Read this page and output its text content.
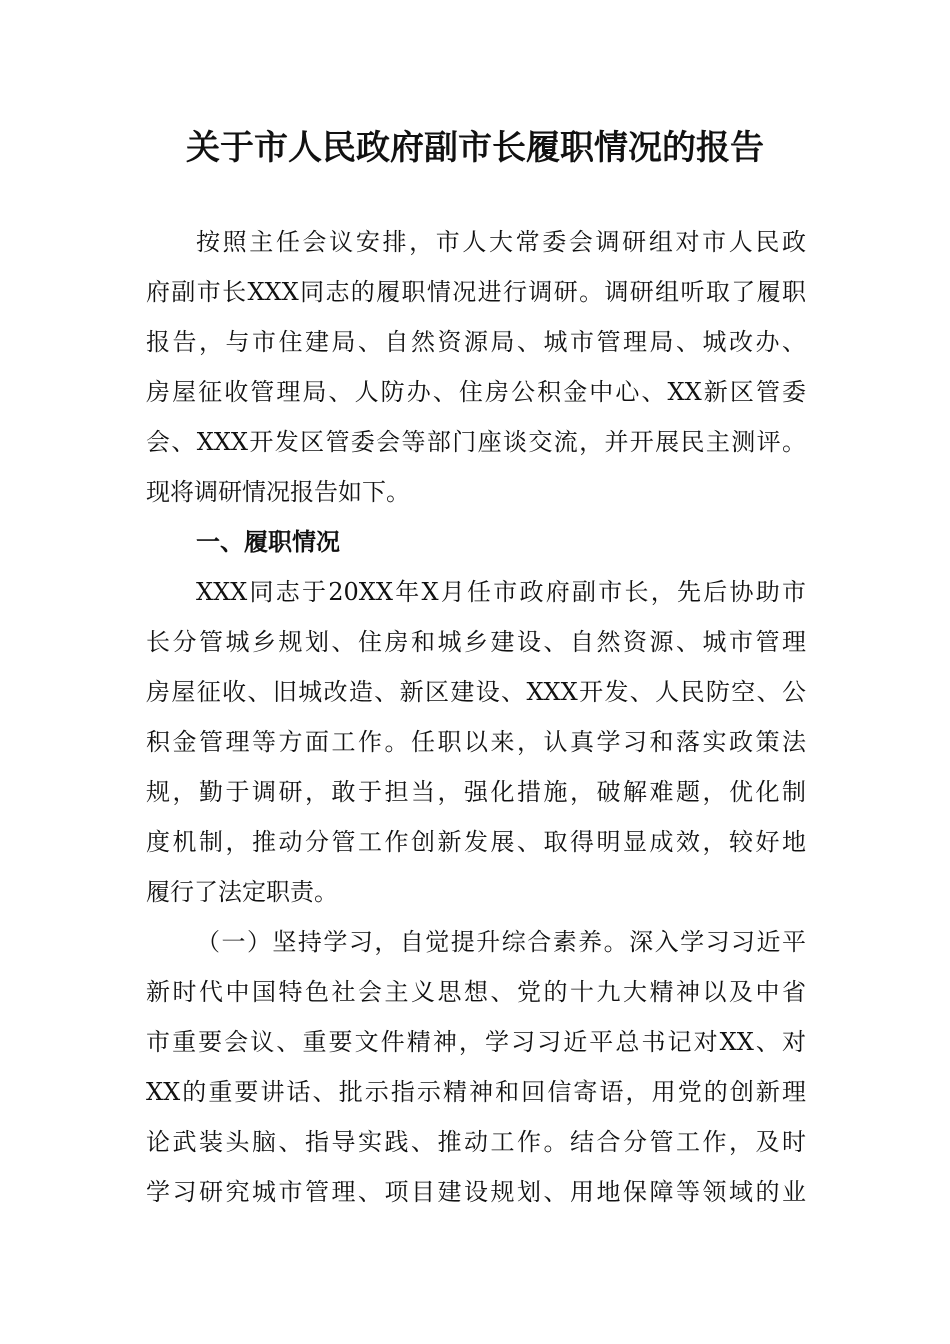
关于市人民政府副市长履职情况的报告
按照主任会议安排，市人大常委会调研组对市人民政
府副市长XXX同志的履职情况进行调研。调研组听取了履职
报告，与市住建局、自然资源局、城市管理局、城改办、
房屋征收管理局、人防办、住房公积金中心、XX新区管委
会、XXX开发区管委会等部门座谈交流，并开展民主测评。
现将调研情况报告如下。
一、履职情况
XXX同志于20XX年X月任市政府副市长，先后协助市
长分管城乡规划、住房和城乡建设、自然资源、城市管理
房屋征收、旧城改造、新区建设、XXX开发、人民防空、公
积金管理等方面工作。任职以来，认真学习和落实政策法
规，勤于调研，敢于担当，强化措施，破解难题，优化制
度机制，推动分管工作创新发展、取得明显成效，较好地
履行了法定职责。
（一）坚持学习，自觉提升综合素养。深入学习习近平
新时代中国特色社会主义思想、党的十九大精神以及中省
市重要会议、重要文件精神，学习习近平总书记对XX、对
XX的重要讲话、批示指示精神和回信寄语，用党的创新理
论武装头脑、指导实践、推动工作。结合分管工作，及时
学习研究城市管理、项目建设规划、用地保障等领域的业
